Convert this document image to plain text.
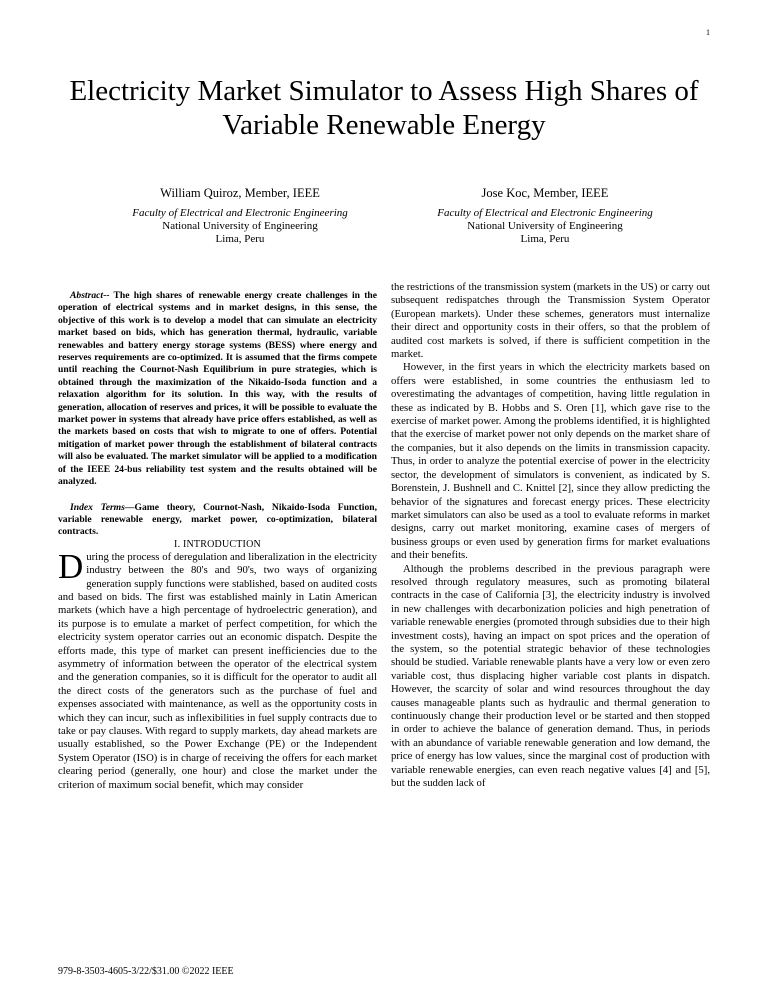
1
Electricity Market Simulator to Assess High Shares of Variable Renewable Energy
William Quiroz, Member, IEEE
Faculty of Electrical and Electronic Engineering
National University of Engineering
Lima, Peru
Jose Koc, Member, IEEE
Faculty of Electrical and Electronic Engineering
National University of Engineering
Lima, Peru

Abstract-- The high shares of renewable energy create challenges in the operation of electrical systems and in market designs, in this sense, the objective of this work is to develop a model that can simulate an electricity market based on bids, which has generation thermal, hydraulic, variable renewables and battery energy storage systems (BESS) where energy and reserves requirements are co-optimized. It is assumed that the firms compete until reaching the Cournot-Nash Equilibrium in pure strategies, which is obtained through the maximization of the Nikaido-Isoda function and a relaxation algorithm for its solution. In this way, with the results of generation, allocation of reserves and prices, it will be possible to evaluate the market power in systems that already have price offers established, as well as the markets based on costs that wish to migrate to one of offers. Potential mitigation of market power through the establishment of bilateral contracts will also be evaluated. The market simulator will be applied to a modification of the IEEE 24-bus reliability test system and the results obtained will be analyzed.

Index Terms—Game theory, Cournot-Nash, Nikaido-Isoda Function, variable renewable energy, market power, co-optimization, bilateral contracts.

I. INTRODUCTION

During the process of deregulation and liberalization in the electricity industry between the 80's and 90's, two ways of organizing generation supply functions were stablished, based on audited costs and based on bids. The first was established mainly in Latin American markets (which have a high percentage of hydroelectric generation), and its purpose is to emulate a market of perfect competition, for which the electricity system operator carries out an economic dispatch. Despite the efforts made, this type of market can present inefficiencies due to the asymmetry of information between the operator of the electrical system and the generation companies, so it is difficult for the operator to audit all the direct costs of the generators such as the purchase of fuel and expenses associated with maintenance, as well as the opportunity costs in which they can incur, such as inflexibilities in fuel supply contracts due to take or pay clauses. With regard to supply markets, day ahead markets are usually established, so the Power Exchange (PE) or the Independent System Operator (ISO) is in charge of receiving the offers for each market clearing period (generally, one hour) and close the market under the criterion of maximum social benefit, which may consider

the restrictions of the transmission system (markets in the US) or carry out subsequent redispatches through the Transmission System Operator (European markets). Under these schemes, generators must internalize their direct and opportunity costs in their offers, so that the problem of audited cost markets is solved, if there is sufficient competition in the market.

However, in the first years in which the electricity markets based on offers were established, in some countries the enthusiasm led to overestimating the advantages of competition, having little regulation in these as indicated by B. Hobbs and S. Oren [1], which gave rise to the exercise of market power. Among the problems identified, it is highlighted that the exercise of market power not only depends on the market share of the companies, but it also depends on the limits in transmission capacity. Thus, in order to analyze the potential exercise of power in the electricity sector, the development of simulators is convenient, as indicated by S. Borenstein, J. Bushnell and C. Knittel [2], since they allow predicting the behavior of the signatures and forecast energy prices. These electricity market simulators can also be used as a tool to evaluate reforms in market designs, carry out market monitoring, examine cases of mergers of business groups or even used by generation firms for market evaluations and their benefits.

Although the problems described in the previous paragraph were resolved through regulatory measures, such as promoting bilateral contracts in the case of California [3], the electricity industry is involved in new challenges with decarbonization policies and high penetration of variable renewable energies (promoted through subsidies due to their high investment costs), having an impact on spot prices and the operation of the system, so the potential strategic behavior of these technologies should be studied. Variable renewable plants have a very low or even zero variable cost, thus displacing higher variable cost plants in dispatch. However, the scarcity of solar and wind resources throughout the day causes manageable plants such as hydraulic and thermal generation to continuously change their production level or be started and then stopped in order to achieve the balance of generation demand. Thus, in periods with an abundance of variable renewable generation and low demand, the price of energy has low values, since the marginal cost of production with variable renewable energies, can even reach negative values [4] and [5], but the sudden lack of

979-8-3503-4605-3/22/$31.00 ©2022 IEEE
